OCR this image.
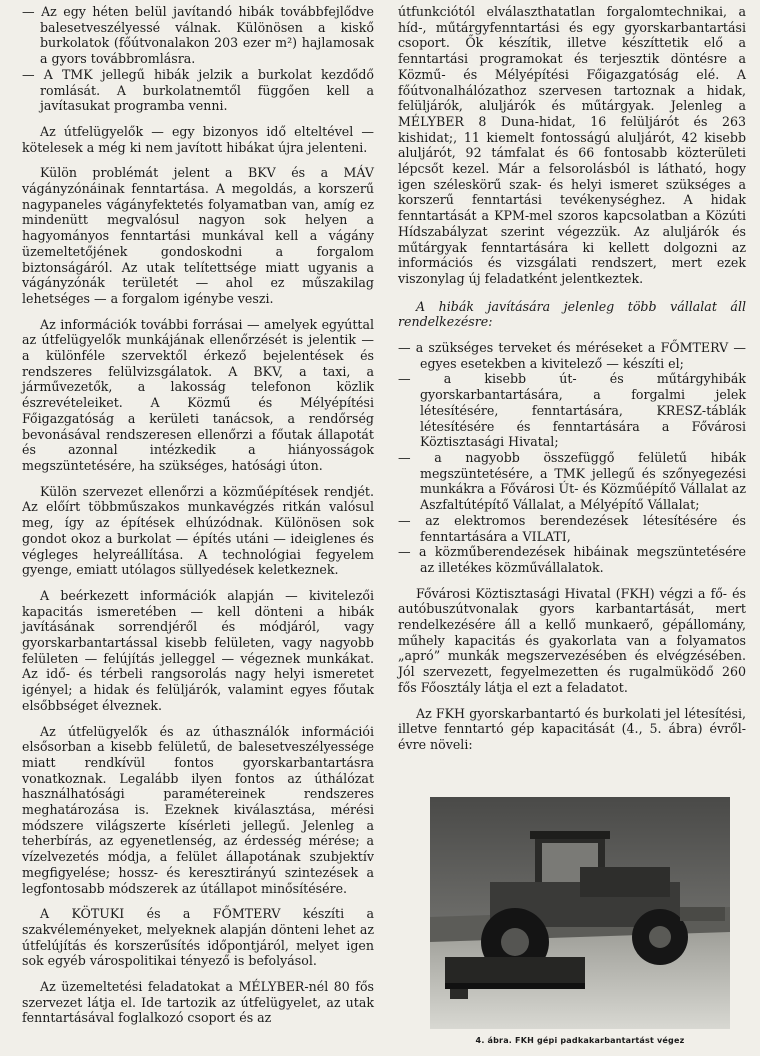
— Az egy héten belül javítandó hibák továbbfejlődve balesetveszélyessé válnak. Különösen a kiskő burkolatok (főútvonalakon 203 ezer m²) hajlamosak a gyors továbbromlásra.

— A TMK jellegű hibák jelzik a burkolat kezdődő romlását. A burkolatnemtől függően kell a javítasukat programba venni.

Az útfelügyelők — egy bizonyos idő elteltével — kötelesek a még ki nem javított hibákat újra jelenteni.

Külön problémát jelent a BKV és a MÁV vágányzónáinak fenntartása. A megoldás, a korszerű nagypaneles vágányfektetés folyamatban van, amíg ez mindenütt megvalósul nagyon sok helyen a hagyományos fenntartási munkával kell a vágány üzemeltetőjének gondoskodni a forgalom biztonságáról. Az utak telítettsége miatt ugyanis a vágányzónák területét — ahol ez műszakilag lehetséges — a forgalom igénybe veszi.

Az információk további forrásai — amelyek egyúttal az útfelügyelők munkájának ellenőrzését is jelentik — a különféle szervektől érkező bejelentések és rendszeres felülvizsgálatok. A BKV, a taxi, a járművezetők, a lakosság telefonon közlik észrevételeiket. A Közmű és Mélyépítési Főigazgatóság a kerületi tanácsok, a rendőrség bevonásával rendszeresen ellenőrzi a főutak állapotát és azonnal intézkedik a hiányosságok megszüntetésére, ha szükséges, hatósági úton.

Külön szervezet ellenőrzi a közműépítések rendjét. Az előírt többműszakos munkavégzés ritkán valósul meg, így az építések elhúzódnak. Különösen sok gondot okoz a burkolat — építés utáni — ideiglenes és végleges helyreállítása. A technológiai fegyelem gyenge, emiatt utólagos süllyedések keletkeznek.

A beérkezett információk alapján — kivitelezői kapacitás ismeretében — kell dönteni a hibák javításának sorrendjéről és módjáról, vagy gyorskarbantartással kisebb felületen, vagy nagyobb felületen — felújítás jelleggel — végeznek munkákat. Az idő- és térbeli rangsorolás nagy helyi ismeretet igényel; a hidak és felüljárók, valamint egyes főutak elsőbbséget élveznek.

Az útfelügyelők és az úthasználók információi elsősorban a kisebb felületű, de balesetveszélyessége miatt rendkívül fontos gyorskarbantartásra vonatkoznak. Legalább ilyen fontos az úthálózat használhatósági paramétereinek rendszeres meghatározása is. Ezeknek kiválasztása, mérési módszere világszerte kísérleti jellegű. Jelenleg a teherbírás, az egyenetlenség, az érdesség mérése; a vízelvezetés módja, a felület állapotának szubjektív megfigyelése; hossz- és keresztirányú szintezések a legfontosabb módszerek az útállapot minősítésére.

A KÖTUKI és a FŐMTERV készíti a szakvéleményeket, melyeknek alapján dönteni lehet az útfelújítás és korszerűsítés időpontjáról, melyet igen sok egyéb várospolitikai tényező is befolyásol.

Az üzemeltetési feladatokat a MÉLYBER-nél 80 fős szervezet látja el. Ide tartozik az útfelügyelet, az utak fenntartásával foglalkozó csoport és az

útfunkciótól elválaszthatatlan forgalomtechnikai, a híd-, műtárgyfenntartási és egy gyorskarbantartási csoport. Ők készítik, illetve készíttetik elő a fenntartási programokat és terjesztik döntésre a Közmű- és Mélyépítési Főigazgatóság elé. A főútvonalhálózathoz szervesen tartoznak a hidak, felüljárók, aluljárók és műtárgyak. Jelenleg a MÉLYBER 8 Duna-hidat, 16 felüljárót és 263 kishidat;, 11 kiemelt fontosságú aluljárót, 42 kisebb aluljárót, 92 támfalat és 66 fontosabb közterületi lépcsőt kezel. Már a felsorolásból is látható, hogy igen széleskörű szak- és helyi ismeret szükséges a korszerű fenntartási tevékenységhez. A hidak fenntartását a KPM-mel szoros kapcsolatban a Közúti Hídszabályzat szerint végezzük. Az aluljárók és műtárgyak fenntartására ki kellett dolgozni az információs és vizsgálati rendszert, mert ezek viszonylag új feladatként jelentkeztek.

A hibák javítására jelenleg több vállalat áll rendelkezésre:

— a szükséges terveket és méréseket a FŐMTERV — egyes esetekben a kivitelező — készíti el;

— a kisebb út- és műtárgyhibák gyorskarbantartására, a forgalmi jelek létesítésére, fenntartására, KRESZ-táblák létesítésére és fenntartására a Fővárosi Köztisztasági Hivatal;

— a nagyobb összefüggő felületű hibák megszüntetésére, a TMK jellegű és szőnyegezési munkákra a Fővárosi Út- és Közműépítő Vállalat az Aszfaltútépítő Vállalat, a Mélyépítő Vállalat;

— az elektromos berendezések létesítésére és fenntartására a VILATI,

— a közműberendezések hibáinak megszüntetésére az illetékes közművállalatok.

Fővárosi Köztisztasági Hivatal (FKH) végzi a fő- és autóbuszútvonalak gyors karbantartását, mert rendelkezésére áll a kellő munkaerő, gépállomány, műhely kapacitás és gyakorlata van a folyamatos „apró” munkák megszervezésében és elvégzésében. Jól szervezett, fegyelmezetten és rugalmüködő 260 fős Főosztály látja el ezt a feladatot.

Az FKH gyorskarbantartó és burkolati jel létesítési, illetve fenntartó gép kapacitását (4., 5. ábra) évről-évre növeli:

4. ábra. FKH gépi padkakarbantartást végez
